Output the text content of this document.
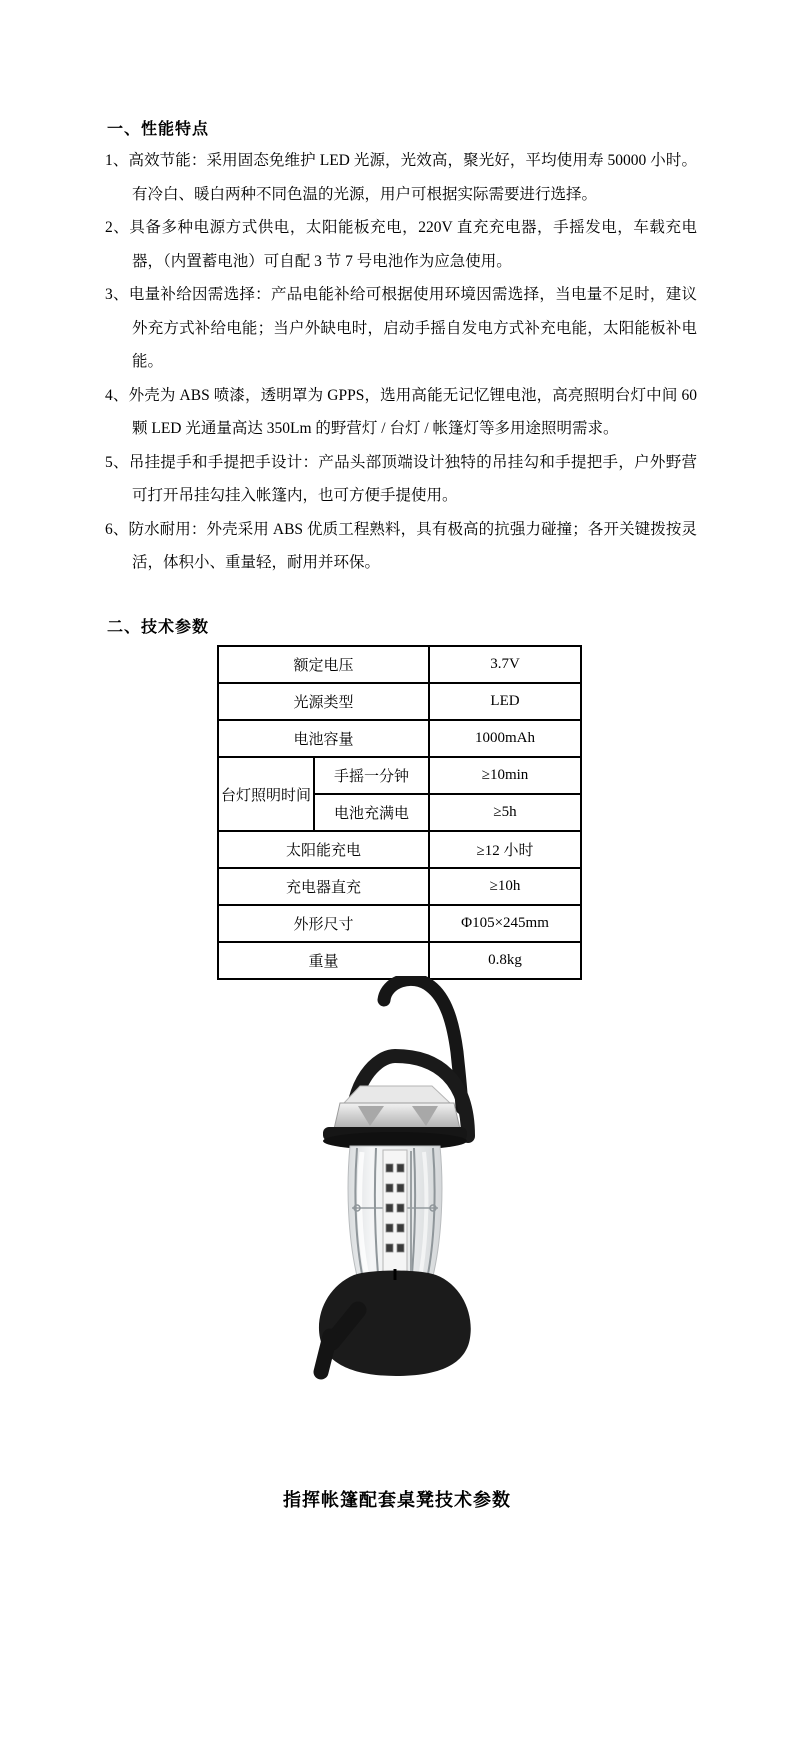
一、性能特点
1、高效节能：采用固态免维护 LED 光源，光效高，聚光好，平均使用寿 50000 小时。有冷白、暖白两种不同色温的光源，用户可根据实际需要进行选择。
2、具备多种电源方式供电，太阳能板充电，220V 直充充电器，手摇发电，车载充电器，（内置蓄电池）可自配 3 节 7 号电池作为应急使用。
3、电量补给因需选择：产品电能补给可根据使用环境因需选择，当电量不足时，建议外充方式补给电能；当户外缺电时，启动手摇自发电方式补充电能，太阳能板补电能。
4、外壳为 ABS 喷漆，透明罩为 GPPS，选用高能无记忆锂电池，高亮照明台灯中间 60 颗 LED 光通量高达 350Lm 的野营灯 / 台灯 / 帐篷灯等多用途照明需求。
5、吊挂提手和手提把手设计：产品头部顶端设计独特的吊挂勾和手提把手，户外野营可打开吊挂勾挂入帐篷内，也可方便手提使用。
6、防水耐用：外壳采用 ABS 优质工程熟料，具有极高的抗强力碰撞；各开关键拨按灵活，体积小、重量轻，耐用并环保。
二、技术参数
额定电压		3.7V
光源类型		LED
电池容量		1000mAh
台灯照明时间	手摇一分钟	≥10min
	电池充满电	≥5h
太阳能充电		≥12 小时
充电器直充		≥10h
外形尺寸		Φ105×245mm
重量		0.8kg
指挥帐篷配套桌凳技术参数
